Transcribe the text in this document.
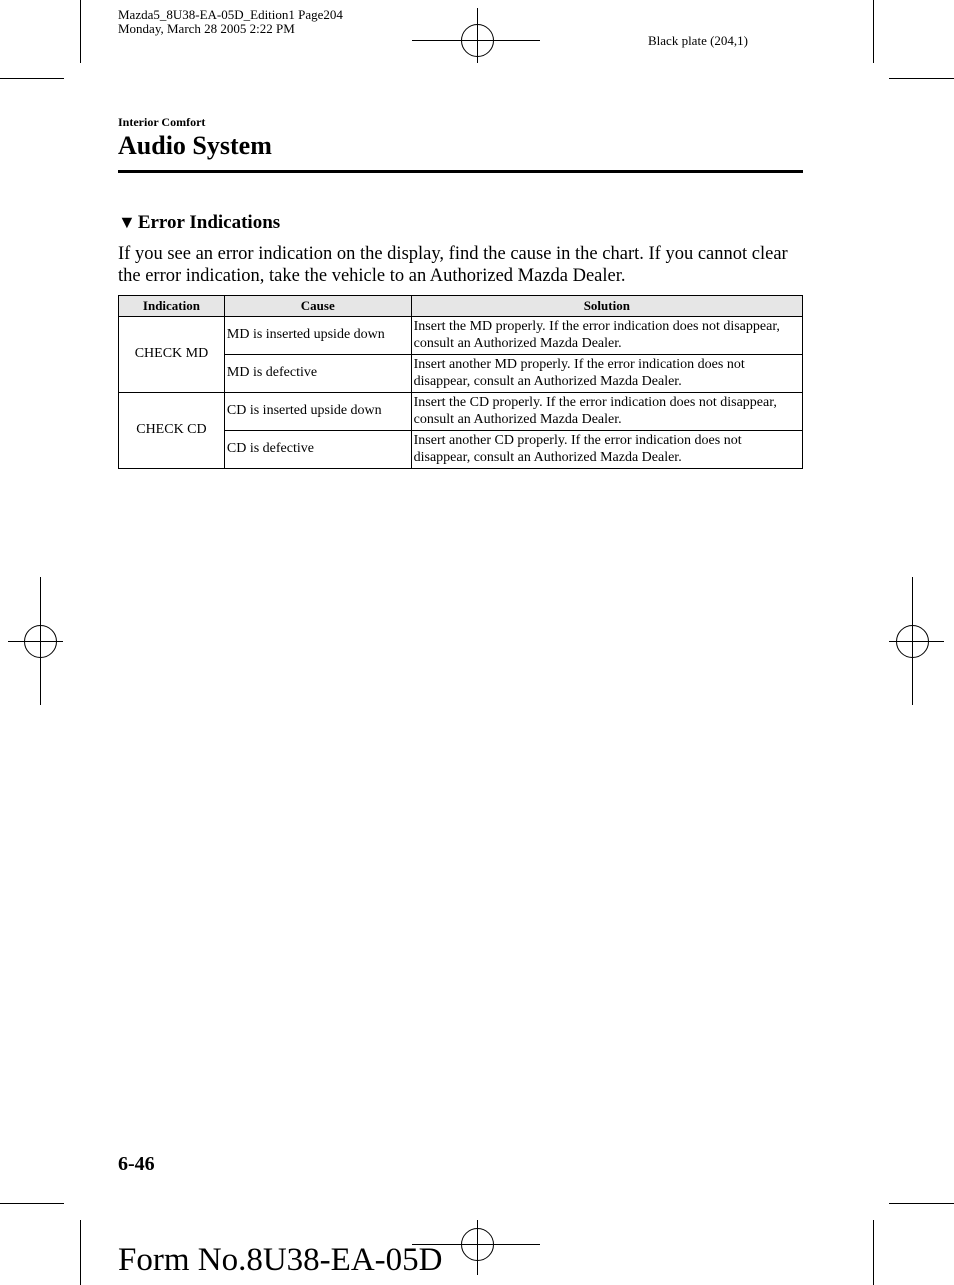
Mazda5_8U38-EA-05D_Edition1 Page204
Monday, March 28 2005 2:22 PM
Black plate (204,1)
Interior Comfort
Audio System
▼ Error Indications
If you see an error indication on the display, find the cause in the chart. If you cannot clear the error indication, take the vehicle to an Authorized Mazda Dealer.
Indication	Cause	Solution
CHECK MD	MD is inserted upside down	Insert the MD properly. If the error indication does not disappear, consult an Authorized Mazda Dealer.
	MD is defective	Insert another MD properly. If the error indication does not disappear, consult an Authorized Mazda Dealer.
CHECK CD	CD is inserted upside down	Insert the CD properly. If the error indication does not disappear, consult an Authorized Mazda Dealer.
	CD is defective	Insert another CD properly. If the error indication does not disappear, consult an Authorized Mazda Dealer.
6-46
Form No.8U38-EA-05D
